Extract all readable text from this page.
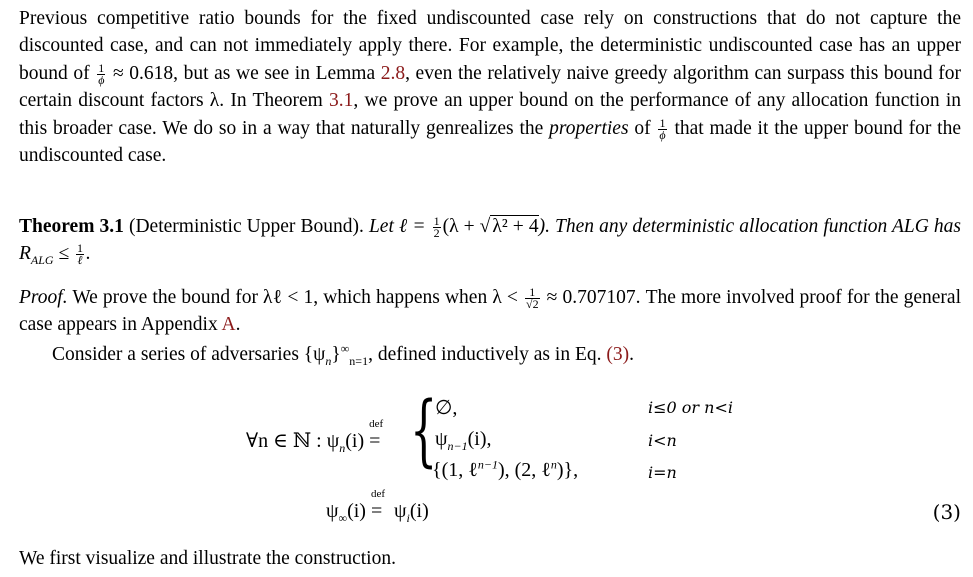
Previous competitive ratio bounds for the fixed undiscounted case rely on constructions that do not capture the discounted case, and can not immediately apply there. For example, the deterministic undiscounted case has an upper bound of $\frac{1}{\phi} \approx 0.618$, but as we see in Lemma 2.8, even the relatively naive greedy algorithm can surpass this bound for certain discount factors λ. In Theorem 3.1, we prove an upper bound on the performance of any allocation function in this broader case. We do so in a way that naturally genrealizes the properties of $\frac{1}{\phi}$ that made it the upper bound for the undiscounted case.
Theorem 3.1 (Deterministic Upper Bound). Let ℓ = $\frac{1}{2} (\lambda$ + √ λ² + 4). Then any deterministic allocation function ALG has $R_{ALG} \le \frac{1}{\text{ℓ}}$ .
Proof. We prove the bound for λℓ < 1, which happens when $\lambda < \frac{1}{√2} \approx 0.707107$. The more involved proof for the general case appears in Appendix A.
Consider a series of adversaries $\{\psi_n\}^\infty_{n=1}$, defined inductively as in Eq. (3).
∀n ∈ ℕ : $\psi_n(i)$
def
= {
∅,	i≤0 or n<i
$\psi_{n-1}(i)$,	i<n
{(1, ℓ$^{n-1}$), (2, ℓ$^n$)},	i=n
$\psi_\infty(i)$
def
= $\psi_i(i)$	(3)
We first visualize and illustrate the construction.
